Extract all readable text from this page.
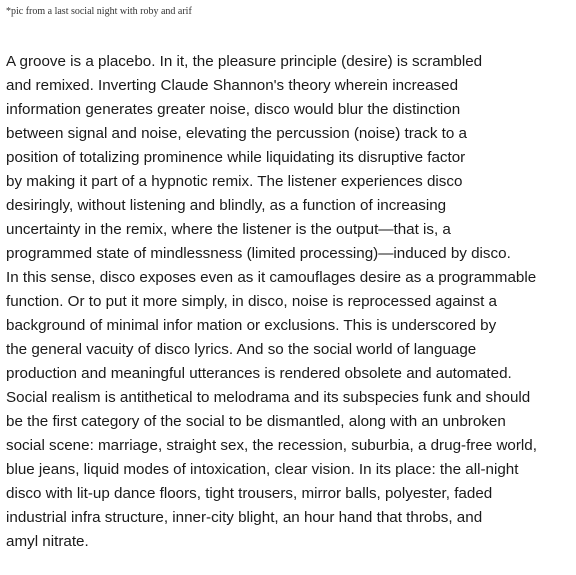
*pic from a last social night with roby and arif
A groove is a placebo. In it, the pleasure principle (desire) is scrambled
and remixed. Inverting Claude Shannon's theory wherein increased
information generates greater noise, disco would blur the distinction
between signal and noise, elevating the percussion (noise) track to a
position of totalizing prominence while liquidating its disruptive factor
by making it part of a hypnotic remix. The listener experiences disco
desiringly, without listening and blindly, as a function of increasing
uncertainty in the remix, where the listener is the output—that is, a
programmed state of mindlessness (limited processing)—induced by disco.
In this sense, disco exposes even as it camouflages desire as a programmable
function. Or to put it more simply, in disco, noise is reprocessed against a
background of minimal infor mation or exclusions. This is underscored by
the general vacuity of disco lyrics. And so the social world of language
production and meaningful utterances is rendered obsolete and automated.
Social realism is antithetical to melodrama and its subspecies funk and should
be the first category of the social to be dismantled, along with an unbroken
social scene: marriage, straight sex, the recession, suburbia, a drug-free world,
blue jeans, liquid modes of intoxication, clear vision. In its place: the all-night
disco with lit-up dance floors, tight trousers, mirror balls, polyester, faded
industrial infra structure, inner-city blight, an hour hand that throbs, and
amyl nitrate.
